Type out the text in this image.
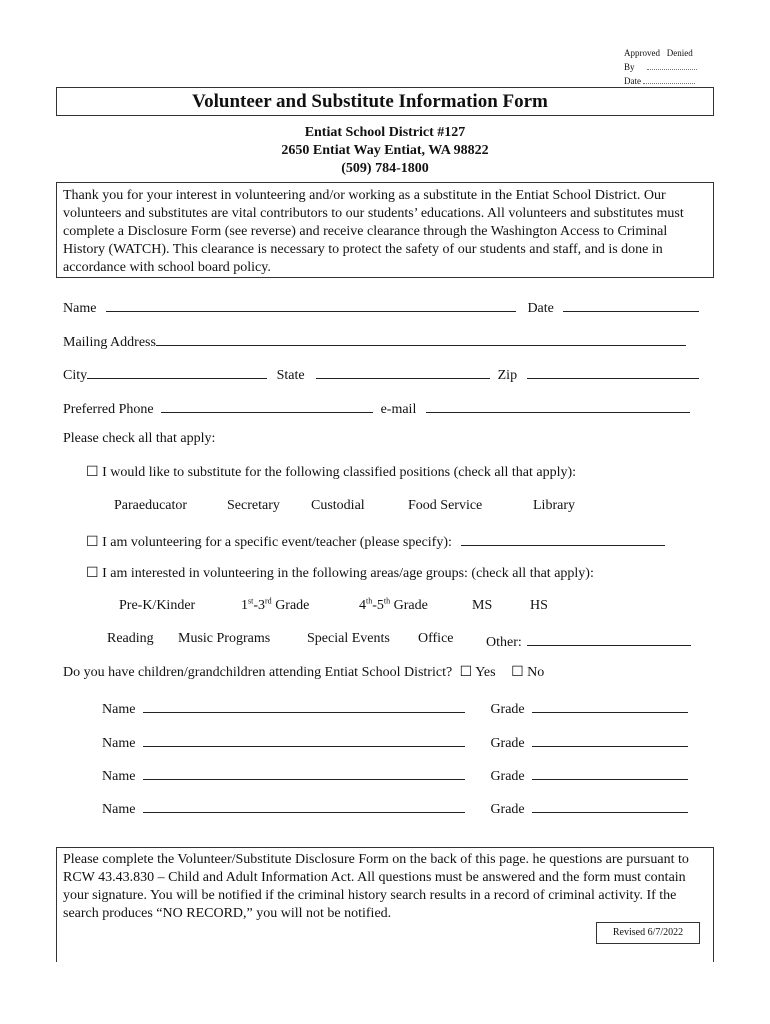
Approved Denied
By
Date
Volunteer and Substitute Information Form
Entiat School District #127
2650 Entiat Way Entiat, WA 98822
(509) 784-1800
Thank you for your interest in volunteering and/or working as a substitute in the Entiat School District. Our volunteers and substitutes are vital contributors to our students’ educations. All volunteers and substitutes must complete a Disclosure Form (see reverse) and receive clearance through the Washington Access to Criminal History (WATCH). This clearance is necessary to protect the safety of our students and staff, and is done in accordance with school board policy.
Name	Date
Mailing Address
City	State	Zip
Preferred Phone	e-mail
Please check all that apply:
☐ I would like to substitute for the following classified positions (check all that apply):
Paraeducator	Secretary Custodial	Food Service	Library
☐ I am volunteering for a specific event/teacher (please specify):
☐ I am interested in volunteering in the following areas/age groups: (check all that apply):
Pre-K/Kinder	1st-3rd Grade	4th-5th Grade	MS	HS
Reading Music Programs	Special Events Office Other:
Do you have children/grandchildren attending Entiat School District? ☐ Yes ☐ No
Name	Grade
Name	Grade
Name	Grade
Name	Grade
Please complete the Volunteer/Substitute Disclosure Form on the back of this page. he questions are pursuant to RCW 43.43.830 – Child and Adult Information Act. All questions must be answered and the form must contain your signature. You will be notified if the criminal history search results in a record of criminal activity. If the search produces “NO RECORD,” you will not be notified.
Revised 6/7/2022
